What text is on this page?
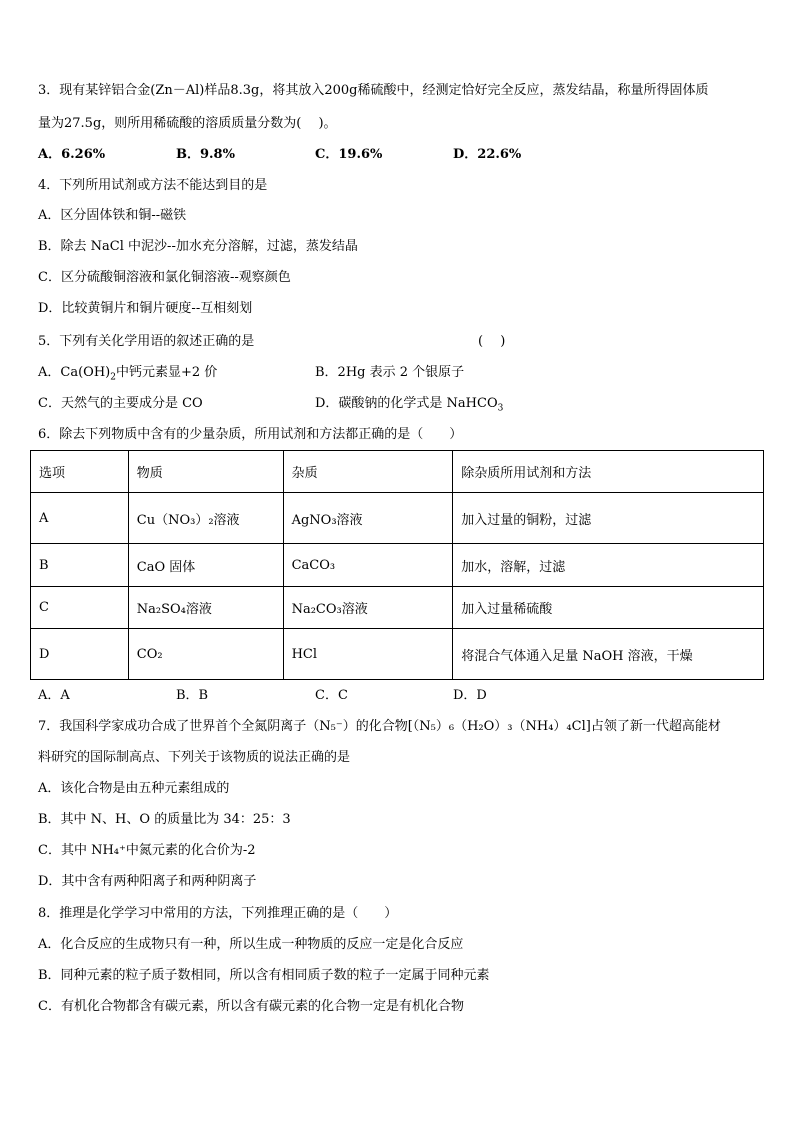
3．现有某锌铝合金(Zn－Al)样品8.3g，将其放入200g稀硫酸中，经测定恰好完全反应，蒸发结晶，称量所得固体质
量为27.5g，则所用稀硫酸的溶质质量分数为(　 )。
A．6.26%	B．9.8%	C．19.6%	D．22.6%
4．下列所用试剂或方法不能达到目的是
A．区分固体铁和铜--磁铁
B．除去 NaCl 中泥沙--加水充分溶解，过滤，蒸发结晶
C．区分硫酸铜溶液和氯化铜溶液--观察颜色
D．比较黄铜片和铜片硬度--互相刻划
5．下列有关化学用语的叙述正确的是	(　 )
A．$Ca(OH)_2$中钙元素显+2 价	B．2Hg 表示 2 个银原子
C．天然气的主要成分是 CO	D．碳酸钠的化学式是 NaHCO$_3$
6．除去下列物质中含有的少量杂质，所用试剂和方法都正确的是（　　）
选项	物质	杂质	除杂质所用试剂和方法
A	Cu（NO₃）₂溶液	AgNO₃溶液	加入过量的铜粉，过滤
B	CaO 固体	CaCO₃	加水，溶解，过滤
C	Na₂SO₄溶液	Na₂CO₃溶液	加入过量稀硫酸
D	CO₂	HCl	将混合气体通入足量 NaOH 溶液，干燥
A．A	B．B	C．C	D．D
7．我国科学家成功合成了世界首个全氮阴离子（N₅⁻）的化合物[（N₅）₆（H₂O）₃（NH₄）₄Cl]占领了新一代超高能材
料研究的国际制高点、下列关于该物质的说法正确的是
A．该化合物是由五种元素组成的
B．其中 N、H、O 的质量比为 34：25：3
C．其中 NH₄⁺中氮元素的化合价为-2
D．其中含有两种阳离子和两种阴离子
8．推理是化学学习中常用的方法，下列推理正确的是（　　）
A．化合反应的生成物只有一种，所以生成一种物质的反应一定是化合反应
B．同种元素的粒子质子数相同，所以含有相同质子数的粒子一定属于同种元素
C．有机化合物都含有碳元素，所以含有碳元素的化合物一定是有机化合物
